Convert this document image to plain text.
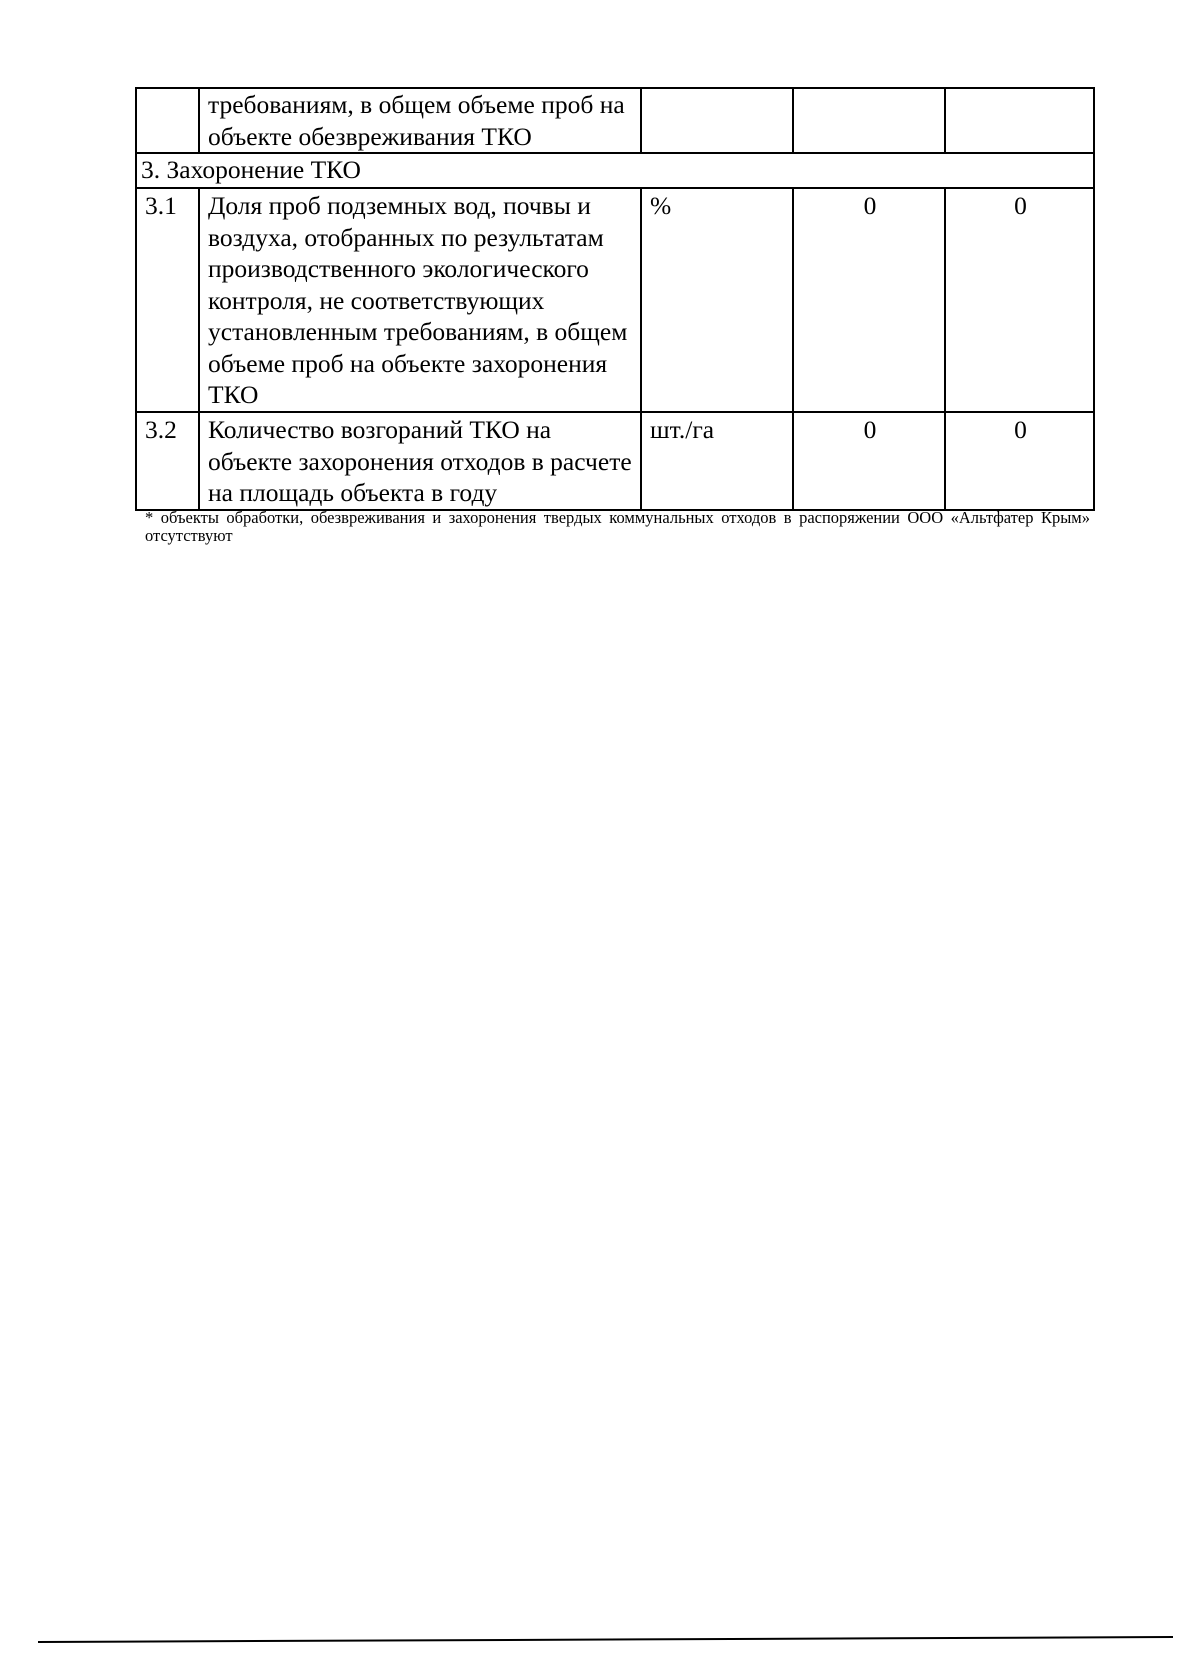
	требованиям, в общем объеме проб на объекте обезвреживания ТКО			
3. Захоронение ТКО				
3.1	Доля проб подземных вод, почвы и воздуха, отобранных по результатам производственного экологического контроля, не соответствующих установленным требованиям, в общем объеме проб на объекте захоронения ТКО	%	0	0
3.2	Количество возгораний ТКО на объекте захоронения отходов в расчете на площадь объекта в году	шт./га	0	0
* объекты обработки, обезвреживания и захоронения твердых коммунальных отходов в распоряжении ООО «Альтфатер Крым» отсутствуют
